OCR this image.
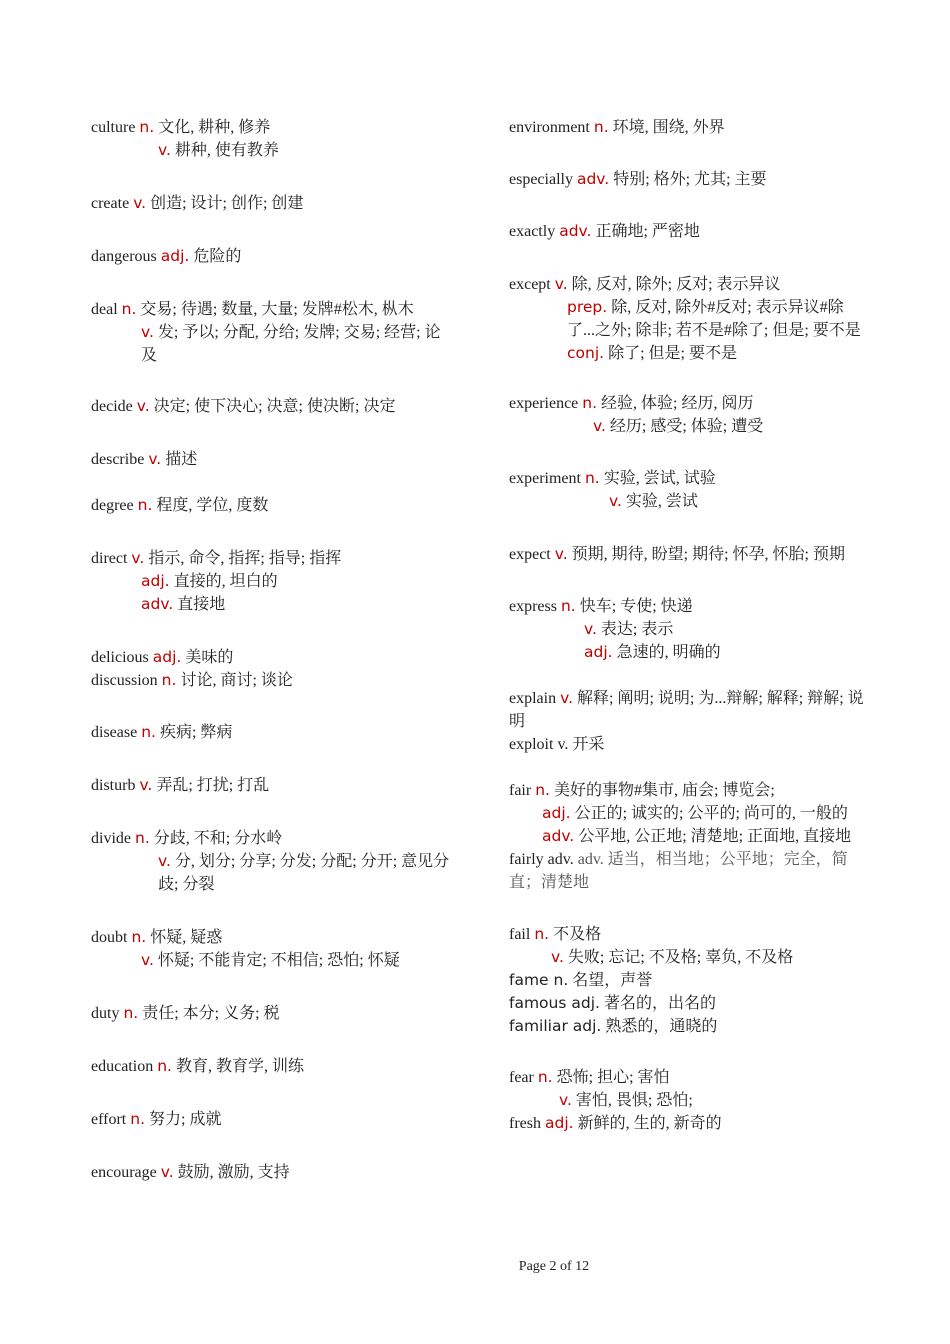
culture n. 文化, 耕种, 修养
v. 耕种, 使有教养
create v. 创造; 设计; 创作; 创建
dangerous adj. 危险的
deal n. 交易; 待遇; 数量, 大量; 发牌#松木, 枞木
v. 发; 予以; 分配, 分给; 发牌; 交易; 经营; 论及
decide v. 决定; 使下决心; 决意; 使决断; 决定
describe v. 描述
degree n. 程度, 学位, 度数
direct v. 指示, 命令, 指挥; 指导; 指挥
adj. 直接的, 坦白的
adv. 直接地
delicious adj. 美味的
discussion n. 讨论, 商讨; 谈论
disease n. 疾病; 弊病
disturb v. 弄乱; 打扰; 打乱
divide n. 分歧, 不和; 分水岭
v. 分, 划分; 分享; 分发; 分配; 分开; 意见分歧; 分裂
doubt n. 怀疑, 疑惑
v. 怀疑; 不能肯定; 不相信; 恐怕; 怀疑
duty n. 责任; 本分; 义务; 税
education n. 教育, 教育学, 训练
effort n. 努力; 成就
encourage v. 鼓励, 激励, 支持
environment n. 环境, 围绕, 外界
especially adv. 特别; 格外; 尤其; 主要
exactly adv. 正确地; 严密地
except v. 除, 反对, 除外; 反对; 表示异议
prep. 除, 反对, 除外#反对; 表示异议#除了...之外; 除非; 若不是#除了; 但是; 要不是
conj. 除了; 但是; 要不是
experience n. 经验, 体验; 经历, 阅历
v. 经历; 感受; 体验; 遭受
experiment n. 实验, 尝试, 试验
v. 实验, 尝试
expect v. 预期, 期待, 盼望; 期待; 怀孕, 怀胎; 预期
express n. 快车; 专使; 快递
v. 表达; 表示
adj. 急速的, 明确的
explain v. 解释; 阐明; 说明; 为...辩解; 解释; 辩解; 说明
exploit v. 开采
fair n. 美好的事物#集市, 庙会; 博览会;
adj. 公正的; 诚实的; 公平的; 尚可的, 一般的
adv. 公平地, 公正地; 清楚地; 正面地, 直接地
fairly adv. adv. 适当，相当地；公平地；完全，简直；清楚地
fail n. 不及格
v. 失败; 忘记; 不及格; 辜负, 不及格
fame n. 名望，声誉
famous adj. 著名的，出名的
familiar adj. 熟悉的，通晓的
fear n. 恐怖; 担心; 害怕
v. 害怕, 畏惧; 恐怕;
fresh adj. 新鲜的, 生的, 新奇的
Page 2 of 12
